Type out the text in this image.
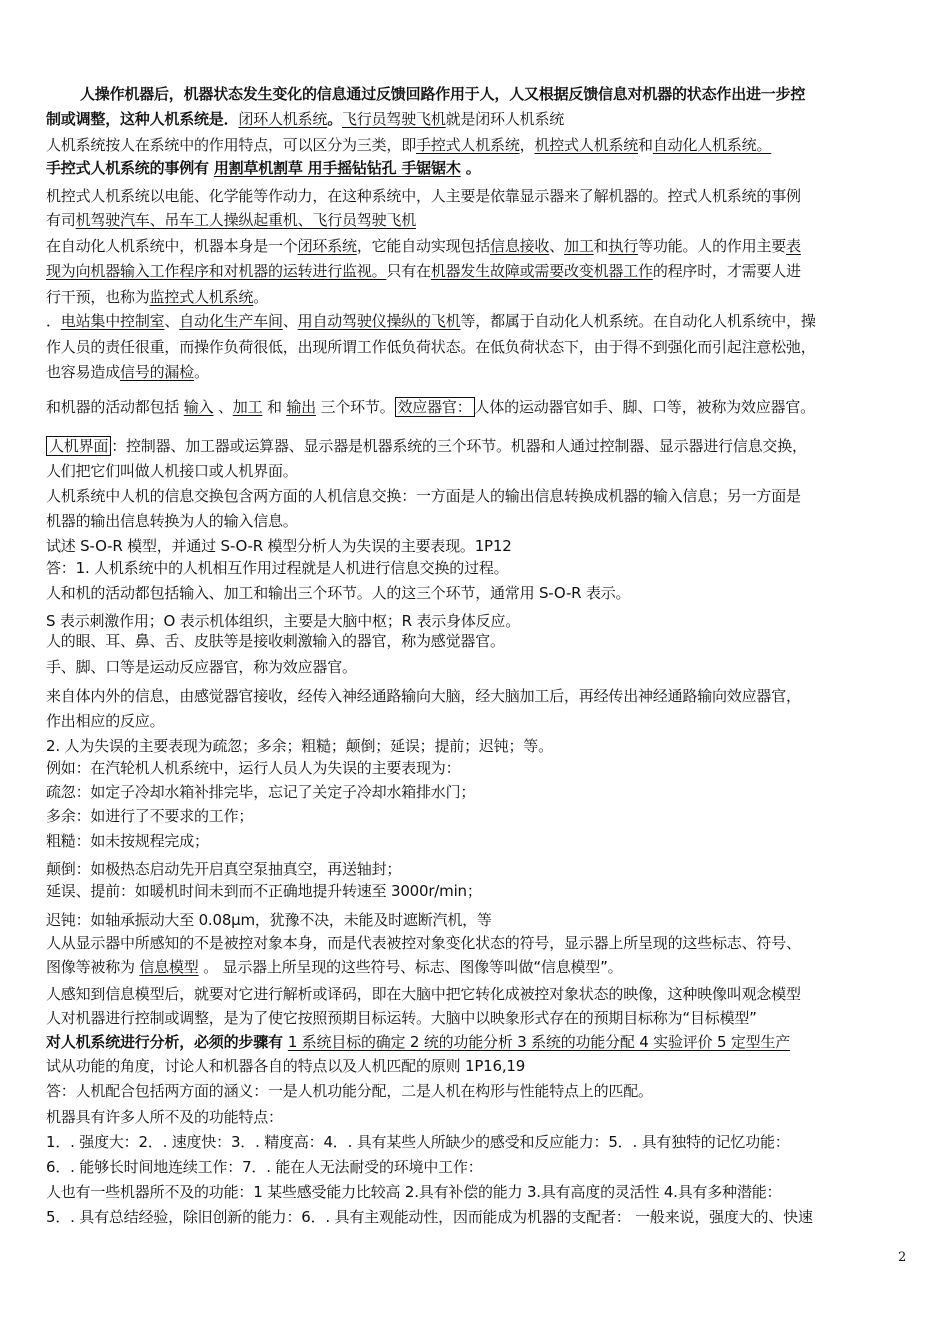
人操作机器后，机器状态发生变化的信息通过反馈回路作用于人，人又根据反馈信息对机器的状态作出进一步控
制或调整，这种人机系统是．闭环人机系统。飞行员驾驶飞机就是闭环人机系统
人机系统按人在系统中的作用特点，可以区分为三类，即手控式人机系统，机控式人机系统和自动化人机系统。
手控式人机系统的事例有 用割草机割草 用手摇钻钻孔 手锯锯木 。
机控式人机系统以电能、化学能等作动力，在这种系统中，人主要是依靠显示器来了解机器的。控式人机系统的事例
有司机驾驶汽车、吊车工人操纵起重机、飞行员驾驶飞机
在自动化人机系统中，机器本身是一个闭环系统，它能自动实现包括信息接收、加工和执行等功能。人的作用主要表
现为向机器输入工作程序和对机器的运转进行监视。只有在机器发生故障或需要改变机器工作的程序时，才需要人进
行干预，也称为监控式人机系统。
．电站集中控制室、自动化生产车间、用自动驾驶仪操纵的飞机等，都属于自动化人机系统。在自动化人机系统中，操
作人员的责任很重，而操作负荷很低，出现所谓工作低负荷状态。在低负荷状态下，由于得不到强化而引起注意松弛，
也容易造成信号的漏检。
和机器的活动都包括 输入 、加工 和 输出 三个环节。 效应器官： 人体的运动器官如手、脚、口等，被称为效应器官。
人机界面 ：控制器、加工器或运算器、显示器是机器系统的三个环节。机器和人通过控制器、显示器进行信息交换，
人们把它们叫做人机接口或人机界面。
人机系统中人机的信息交换包含两方面的人机信息交换：一方面是人的输出信息转换成机器的输入信息；另一方面是
机器的输出信息转换为人的输入信息。
试述 S-O-R 模型，并通过 S-O-R 模型分析人为失误的主要表现。1P12
答：1. 人机系统中的人机相互作用过程就是人机进行信息交换的过程。
人和机的活动都包括输入、加工和输出三个环节。人的这三个环节，通常用 S-O-R 表示。
S 表示刺激作用；O 表示机体组织，主要是大脑中枢；R 表示身体反应。
人的眼、耳、鼻、舌、皮肤等是接收刺激输入的器官，称为感觉器官。
手、脚、口等是运动反应器官，称为效应器官。
来自体内外的信息，由感觉器官接收，经传入神经通路输向大脑，经大脑加工后，再经传出神经通路输向效应器官，
作出相应的反应。
2. 人为失误的主要表现为疏忽；多余；粗糙；颠倒；延误；提前；迟钝；等。
例如：在汽轮机人机系统中，运行人员人为失误的主要表现为：
疏忽：如定子冷却水箱补排完毕，忘记了关定子冷却水箱排水门；
多余：如进行了不要求的工作；
粗糙：如未按规程完成；
颠倒：如极热态启动先开启真空泵抽真空，再送轴封；
延误、提前：如暖机时间未到而不正确地提升转速至 3000r/min；
迟钝：如轴承振动大至 0.08μm，犹豫不决，未能及时遮断汽机，等
人从显示器中所感知的不是被控对象本身，而是代表被控对象变化状态的符号，显示器上所呈现的这些标志、符号、
图像等被称为 信息模型 。 显示器上所呈现的这些符号、标志、图像等叫做“信息模型”。
人感知到信息模型后，就要对它进行解析或译码，即在大脑中把它转化成被控对象状态的映像，这种映像叫观念模型
人对机器进行控制或调整，是为了使它按照预期目标运转。大脑中以映象形式存在的预期目标称为“目标模型”
对人机系统进行分析，必须的步骤有 1 系统目标的确定 2 统的功能分析 3 系统的功能分配 4 实验评价 5 定型生产
试从功能的角度，讨论人和机器各自的特点以及人机匹配的原则 1P16,19
答：人机配合包括两方面的涵义：一是人机功能分配，二是人机在构形与性能特点上的匹配。
机器具有许多人所不及的功能特点：
1．. 强度大：2．. 速度快：3．. 精度高：4．. 具有某些人所缺少的感受和反应能力：5．. 具有独特的记忆功能：
6．. 能够长时间地连续工作：7．. 能在人无法耐受的环境中工作：
人也有一些机器所不及的功能：1 某些感受能力比较高 2.具有补偿的能力 3.具有高度的灵活性 4.具有多种潜能：
5．. 具有总结经验，除旧创新的能力：6．. 具有主观能动性，因而能成为机器的支配者： 一般来说，强度大的、快速
2
